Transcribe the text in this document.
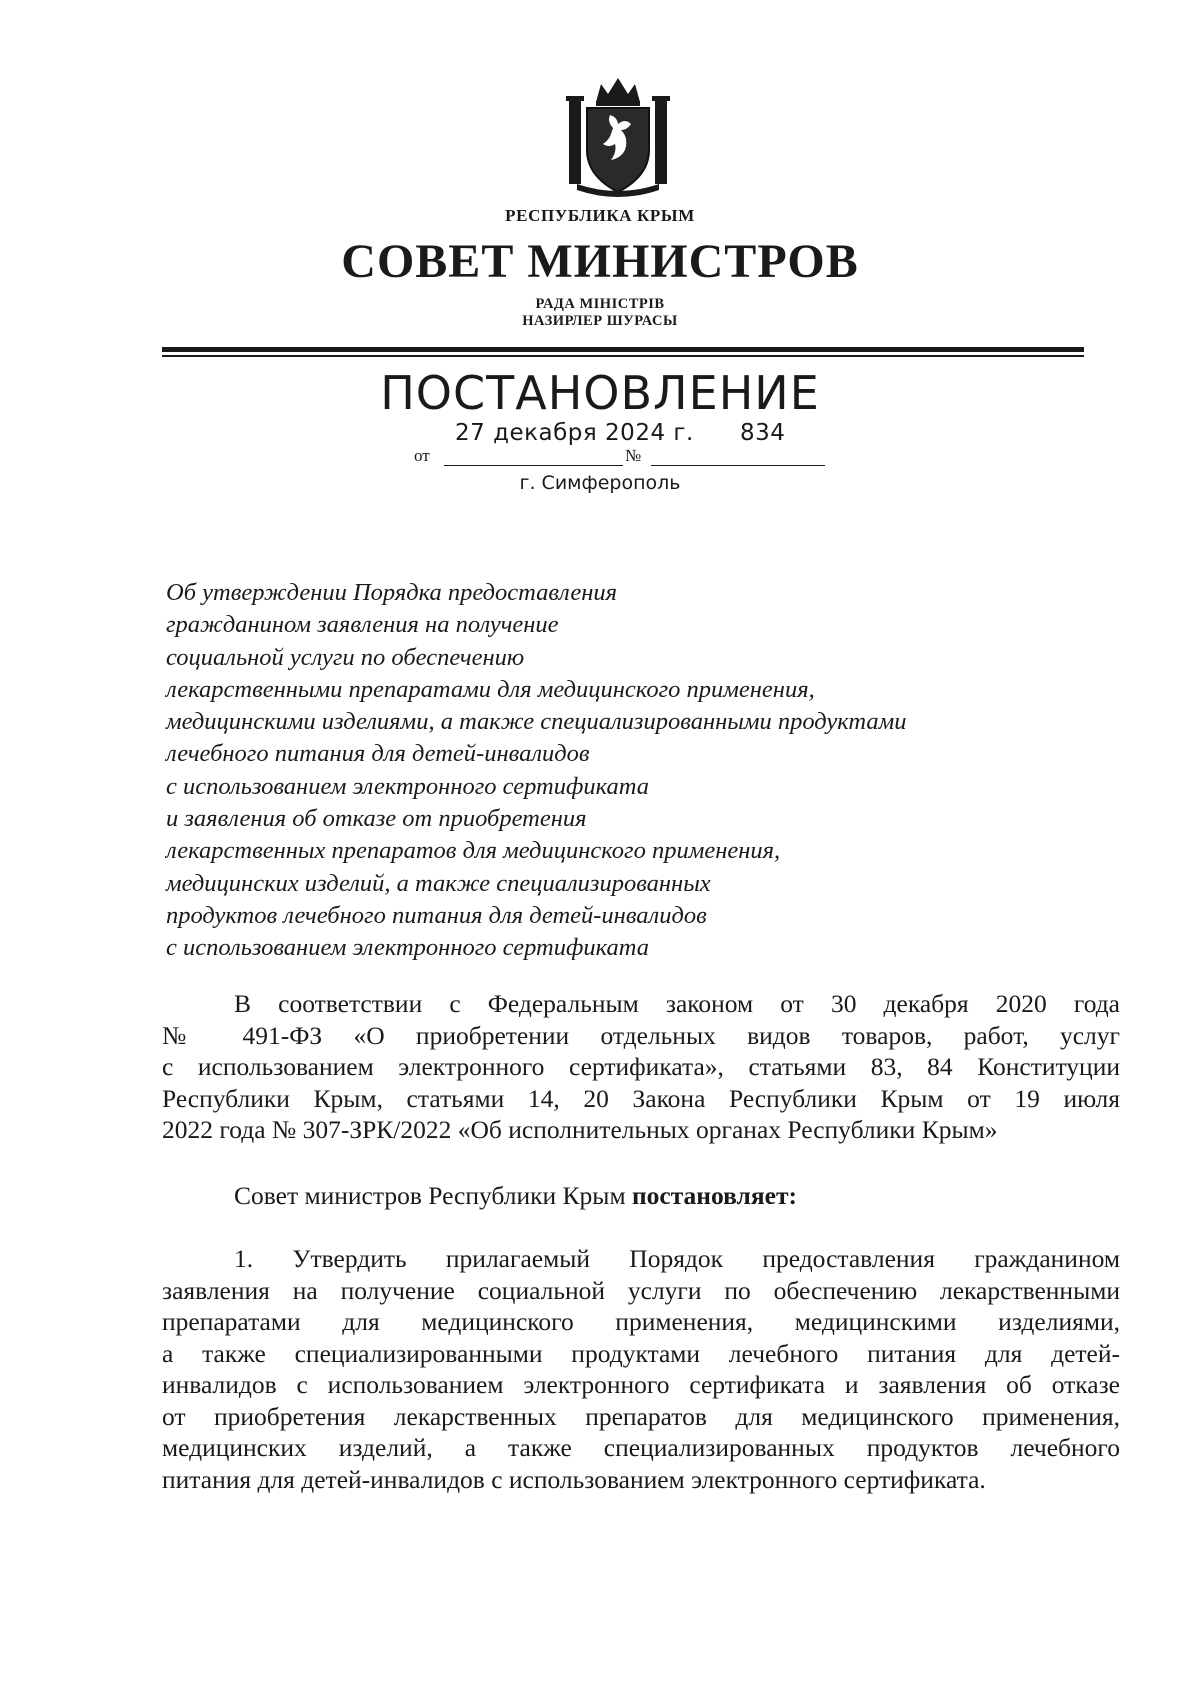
РЕСПУБЛИКА КРЫМ
СОВЕТ МИНИСТРОВ
РАДА МІНІСТРІВ
НАЗИРЛЕР ШУРАСЫ
ПОСТАНОВЛЕНИЕ
27 декабря 2024 г. 834
от	№
г. Симферополь
Об утверждении Порядка предоставления
гражданином заявления на получение
социальной услуги по обеспечению
лекарственными препаратами для медицинского применения,
медицинскими изделиями, а также специализированными продуктами
лечебного питания для детей-инвалидов
с использованием электронного сертификата
и заявления об отказе от приобретения
лекарственных препаратов для медицинского применения,
медицинских изделий, а также специализированных
продуктов лечебного питания для детей-инвалидов
с использованием электронного сертификата
В соответствии с Федеральным законом от 30 декабря 2020 года
№ 491-ФЗ «О приобретении отдельных видов товаров, работ, услуг
с использованием электронного сертификата», статьями 83, 84 Конституции
Республики Крым, статьями 14, 20 Закона Республики Крым от 19 июля
2022 года № 307-ЗРК/2022 «Об исполнительных органах Республики Крым»
Совет министров Республики Крым постановляет:
1. Утвердить прилагаемый Порядок предоставления гражданином
заявления на получение социальной услуги по обеспечению лекарственными
препаратами для медицинского применения, медицинскими изделиями,
а также специализированными продуктами лечебного питания для детей-
инвалидов с использованием электронного сертификата и заявления об отказе
от приобретения лекарственных препаратов для медицинского применения,
медицинских изделий, а также специализированных продуктов лечебного
питания для детей-инвалидов с использованием электронного сертификата.
